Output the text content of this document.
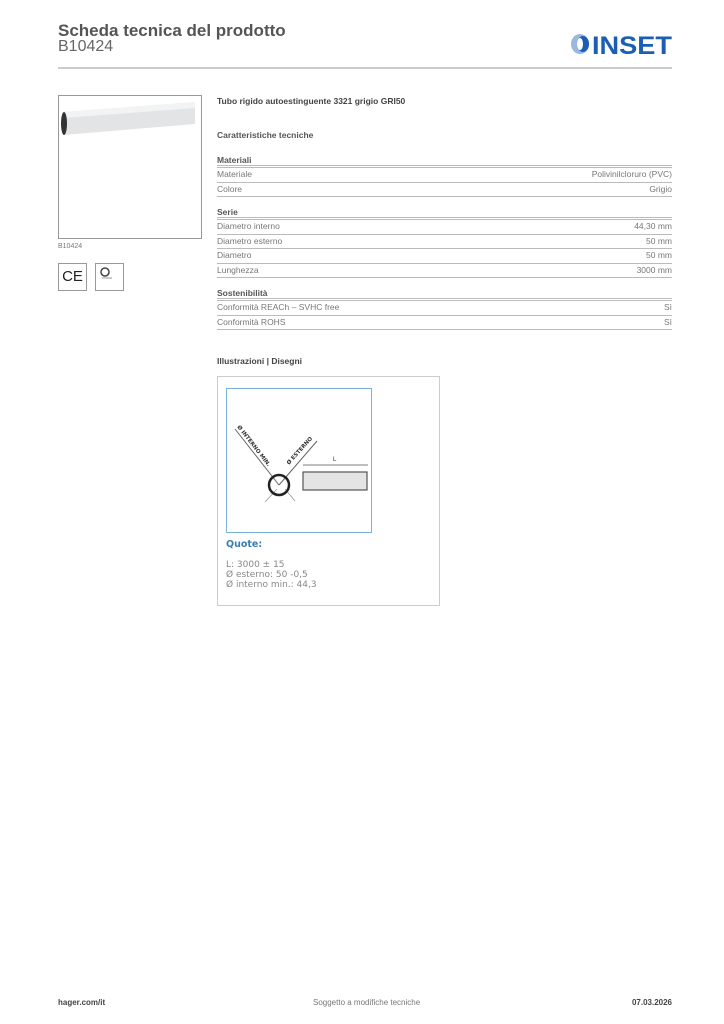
Scheda tecnica del prodotto
B10424	INSET
B10424
C​E
Tubo rigido autoestinguente 3321 grigio GRI50
Caratteristiche tecniche
Materiali
Materiale	Polivinilcloruro (PVC)
Colore	Grigio
Serie
Diametro interno	44,30 mm
Diametro esterno	50 mm
Diametro	50 mm
Lunghezza	3000 mm
Sostenibilità
Conformità REACh – SVHC free	Sì
Conformità ROHS	Sì
Illustrazioni | Disegni
Ø INTERNO MIN.	Ø ESTERNO	L
Quote:
L: 3000 ± 15
Ø esterno: 50 -0,5
Ø interno min.: 44,3
hager.com/it	Soggetto a modifiche tecniche	07.03.2026
